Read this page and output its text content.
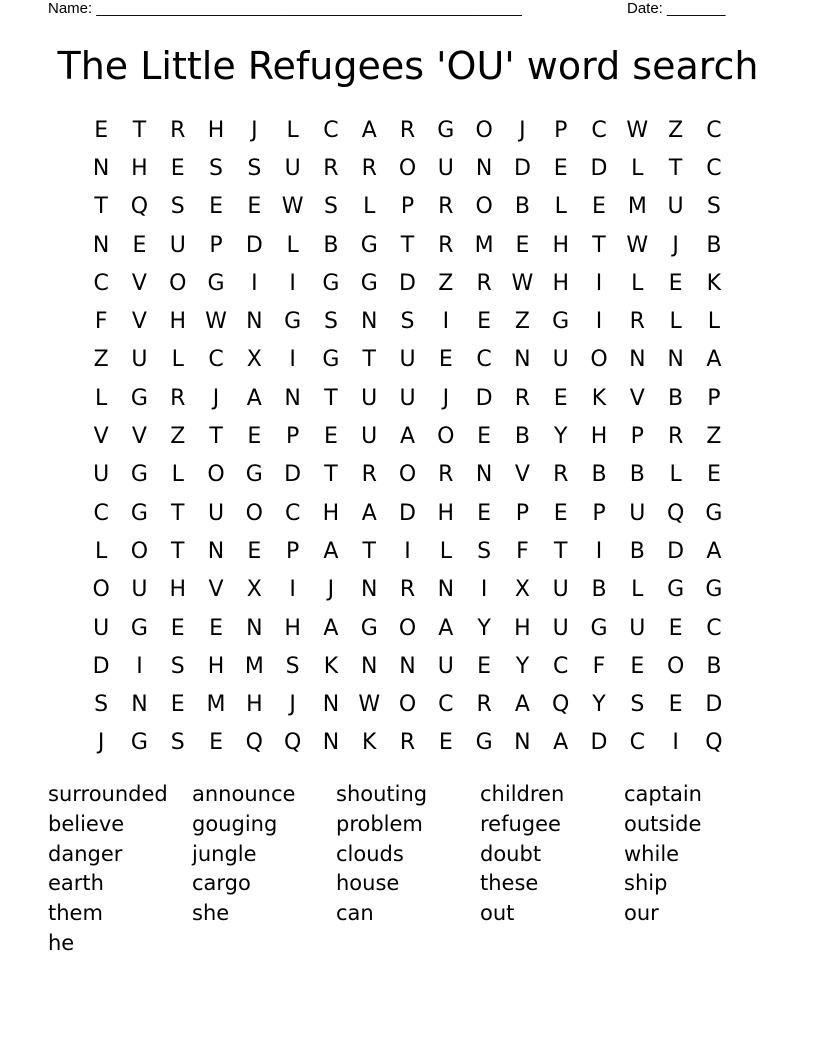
Name: ___________________________________________________	Date: _______
The Little Refugees 'OU' word search
E	T	R	H	J	L	C	A	R	G O	J	P	C W Z	C
N H	E	S	S	U	R	R O U	N D	E	D	L	T	C
T	Q	S	E	E W S	L	P	R O	B	L	E M U	S
N	E	U	P	D	L	B	G	T	R M E	H	T W	J	B
C	V	O G	I	I	G G D	Z	R W H	I	L	E	K
F	V	H W N G	S	N	S	I	E	Z	G	I	R	L	L
Z	U	L	C	X	I	G	T	U	E	C	N	U O N N	A
L	G	R	J	A	N	T	U	U	J	D	R	E	K	V	B	P
V	V	Z	T	E	P	E	U	A	O	E	B	Y	H	P	R	Z
U G	L	O G D	T	R O R	N	V	R	B	B	L	E
C	G	T	U O C	H	A	D H	E	P	E	P	U Q G
L	O	T	N	E	P	A	T	I	L	S	F	T	I	B	D	A
O U H	V	X	I	J	N	R	N	I	X	U	B	L	G G
U G	E	E	N H	A	G O	A	Y	H U G U	E	C
D	I	S	H M S	K	N N	U	E	Y	C	F	E	O	B
S	N	E M H	J	N W O C	R	A	Q	Y	S	E	D
J	G	S	E	Q Q N	K	R	E	G N	A	D	C	I	Q
surrounded	announce	shouting	children	captain
believe	gouging	problem	refugee	outside
danger	jungle	clouds	doubt	while
earth	cargo	house	these	ship
them	she	can	out	our
he
